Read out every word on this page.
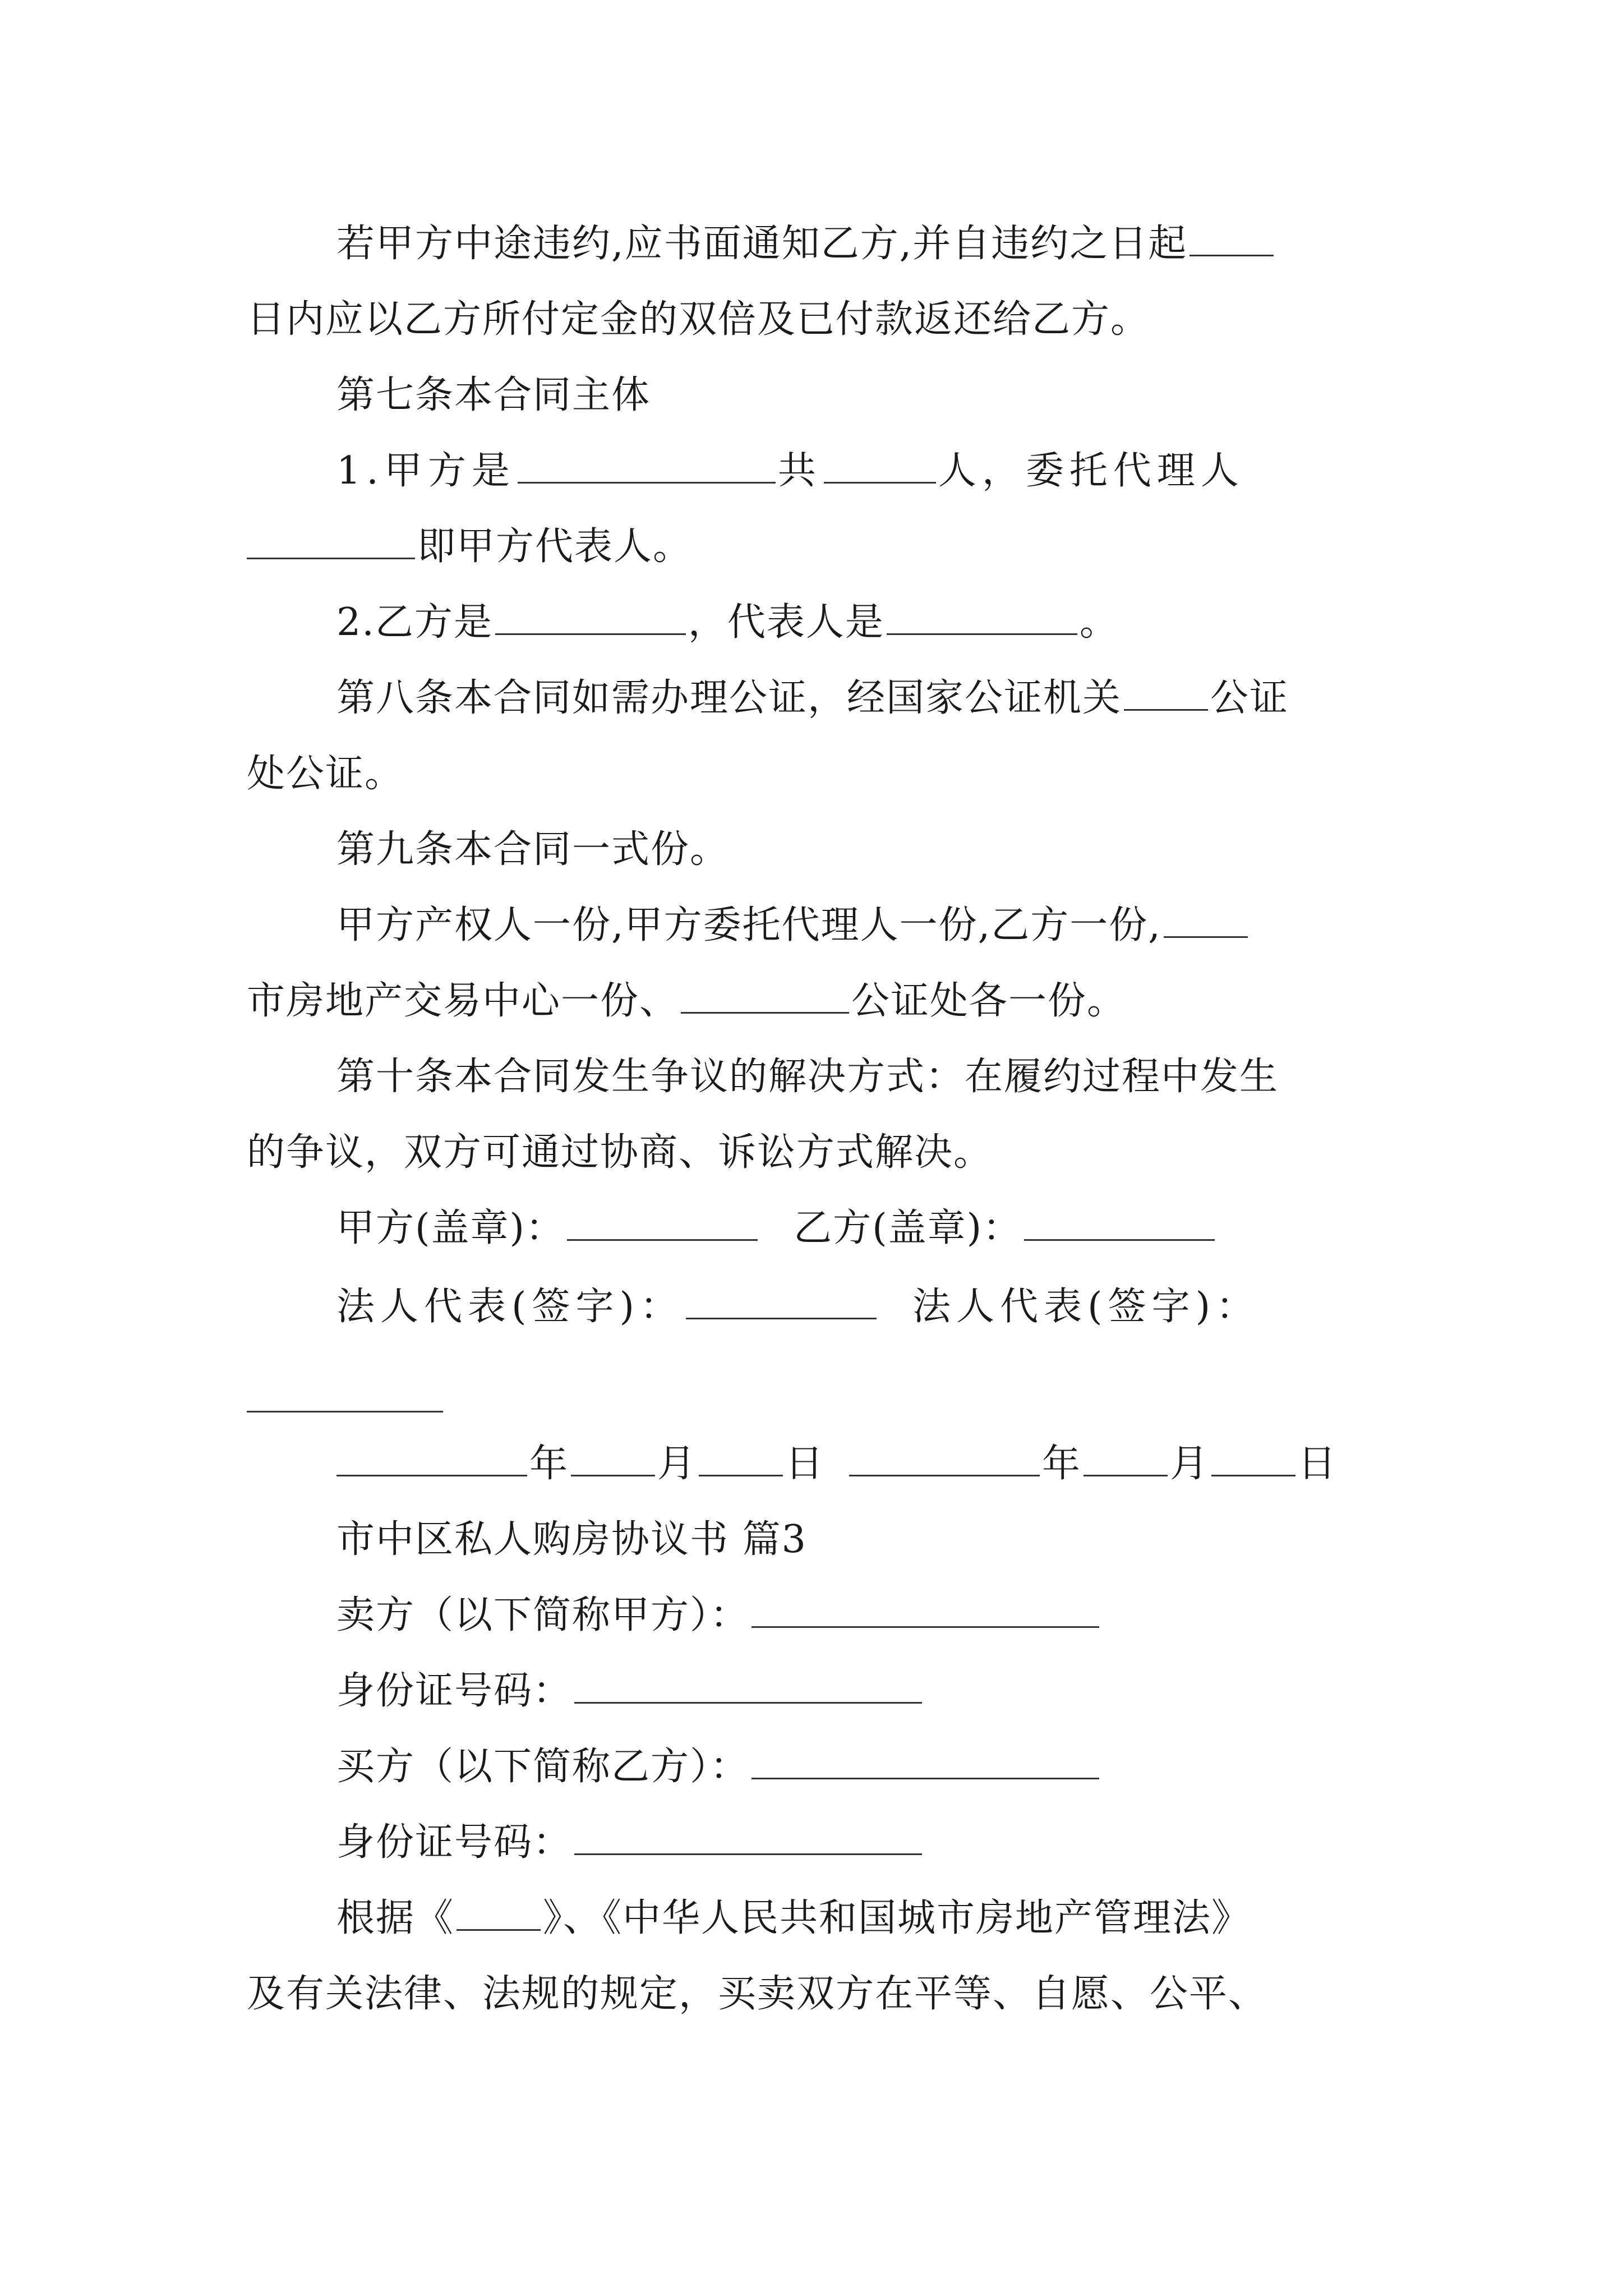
若甲方中途违约,应书面通知乙方,并自违约之日起
日内应以乙方所付定金的双倍及已付款返还给乙方。
第七条本合同主体
1.甲方是	共	人，委托代理人
即甲方代表人。
2.乙方是	，代表人是	。
第八条本合同如需办理公证，经国家公证机关 公证
处公证。
第九条本合同一式份。
甲方产权人一份,甲方委托代理人一份,乙方一份,
市房地产交易中心一份、	公证处各一份。
第十条本合同发生争议的解决方式：在履约过程中发生
的争议，双方可通过协商、诉讼方式解决。
甲方(盖章)：	乙方(盖章)：
法人代表(签字)：	法人代表(签字)：
年 月 日	年 月 日
市中区私人购房协议书 篇3
卖方（以下简称甲方）：
身份证号码：
买方（以下简称乙方）：
身份证号码：
根据《 》、《中华人民共和国城市房地产管理法》
及有关法律、法规的规定，买卖双方在平等、自愿、公平、
